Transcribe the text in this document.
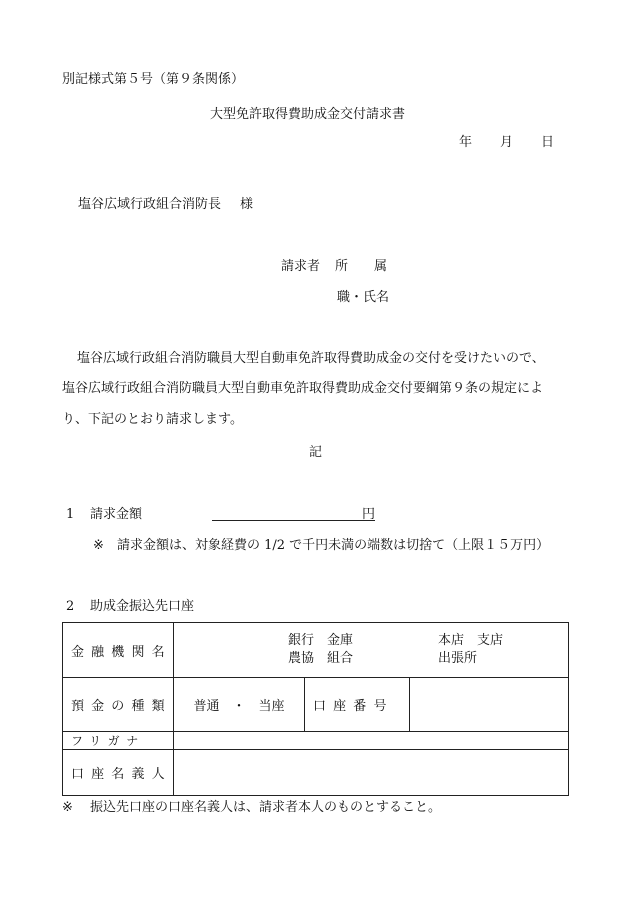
別記様式第５号（第９条関係）
大型免許取得費助成金交付請求書
年 月 日
塩谷広域行政組合消防長 様
請求者 所　　属
職・氏名
塩谷広域行政組合消防職員大型自動車免許取得費助成金の交付を受けたいので、
塩谷広域行政組合消防職員大型自動車免許取得費助成金交付要綱第９条の規定によ
り、下記のとおり請求します。
記
1 請求金額	円
※ 請求金額は、対象経費の 1/2 で千円未満の端数は切捨て（上限１５万円）
2 助成金振込先口座
金融機関名	銀行　金庫
農協　組合
本店　支店
出張所		

預金の種類	普通　・　当座	口座番号	
フリガナ			
口座名義人			
※ 振込先口座の口座名義人は、請求者本人のものとすること。
